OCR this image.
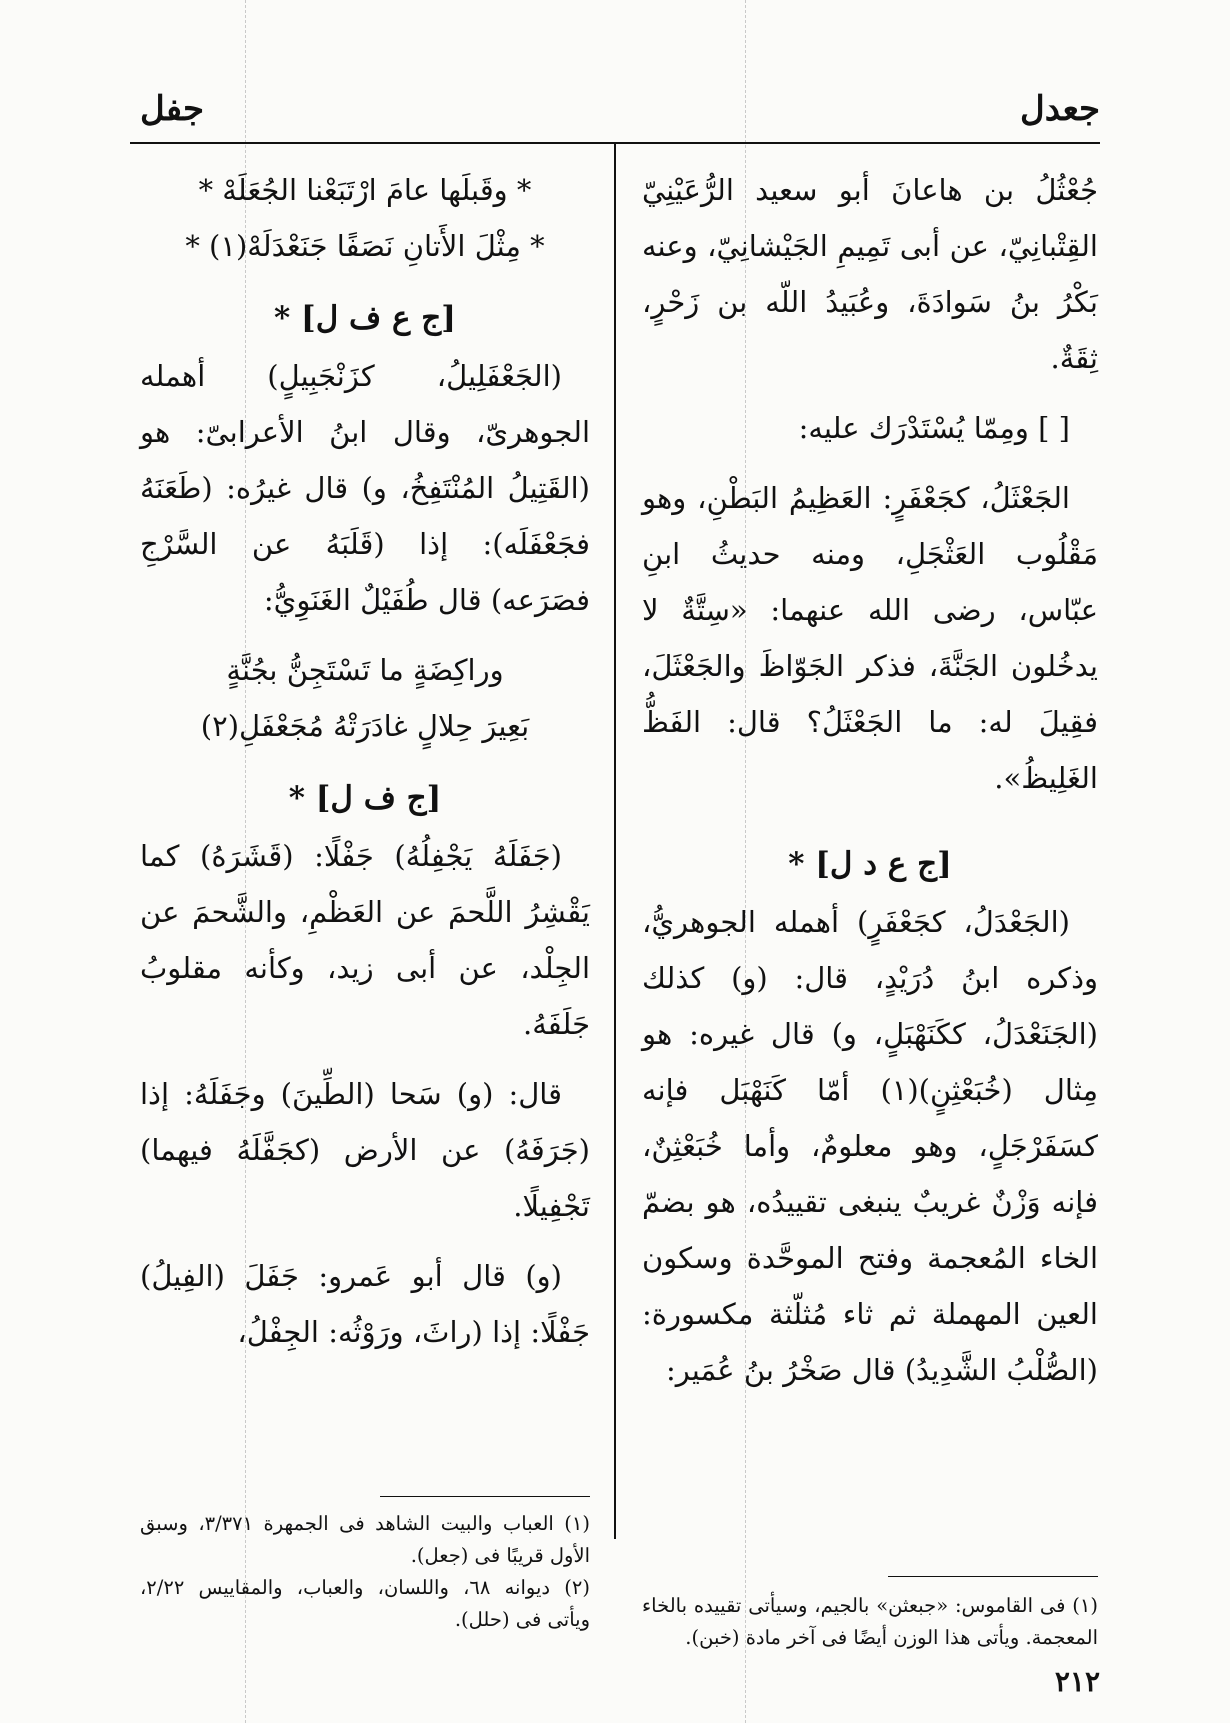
جعدل
جفل

جُعْثُلُ بن هاعانَ أبو سعيد الرُّعَيْنِيّ القِتْبانِيّ، عن أبى تَمِيمِ الجَيْشانِيّ، وعنه بَكْرُ بنُ سَوادَةَ، وعُبَيدُ اللّه بن زَحْرٍ، ثِقَةٌ.

[ ] ومِمّا يُسْتَدْرَك عليه:

الجَعْثَلُ، كجَعْفَرٍ: العَظِيمُ البَطْنِ، وهو مَقْلُوب العَثْجَلِ، ومنه حديثُ ابنِ عبّاس، رضى الله عنهما: «سِتَّةٌ لا يدخُلون الجَنَّةَ، فذكر الجَوّاظَ والجَعْثَلَ، فقِيلَ له: ما الجَعْثَلُ؟ قال: الفَظُّ الغَلِيظُ».

[ج ع د ل] *

(الجَعْدَلُ، كجَعْفَرٍ) أهمله الجوهريُّ، وذكره ابنُ دُرَيْدٍ، قال: (و) كذلك (الجَنَعْدَلُ، ككَنَهْبَلٍ، و) قال غيره: هو مِثال (خُبَعْثِنٍ)(١) أمّا كَنَهْبَل فإنه كسَفَرْجَلٍ، وهو معلومٌ، وأما خُبَعْثِنٌ، فإنه وَزْنٌ غريبٌ ينبغى تقييدُه، هو بضمّ الخاء المُعجمة وفتح الموحَّدة وسكون العين المهملة ثم ثاء مُثلّثة مكسورة: (الصُّلْبُ الشَّدِيدُ) قال صَخْرُ بنُ عُمَير:

* وقَبلَها عامَ ارْتَبَعْنا الجُعَلَهْ *

* مِثْلَ الأَتانِ نَصَفًا جَنَعْدَلَهْ(١) *

[ج ع ف ل] *

(الجَعْفَلِيلُ، كزَنْجَبِيلٍ) أهمله الجوهرىّ، وقال ابنُ الأعرابىّ: هو (القَتِيلُ المُنْتَفِخُ، و) قال غيرُه: (طَعَنَهُ فجَعْفَلَه): إذا (قَلَبَهُ عن السَّرْجِ فصَرَعه) قال طُفَيْلٌ الغَنَوِيُّ:

وراكِضَةٍ ما تَسْتَجِنُّ بجُنَّةٍ

بَعِيرَ حِلالٍ غادَرَتْهُ مُجَعْفَلِ(٢)

[ج ف ل] *

(جَفَلَهُ يَجْفِلُهُ) جَفْلًا: (قَشَرَهُ) كما يَقْشِرُ اللَّحمَ عن العَظْمِ، والشَّحمَ عن الجِلْد، عن أبى زيد، وكأنه مقلوبُ جَلَفَهُ.

قال: (و) سَحا (الطِّينَ) وجَفَلَهُ: إذا (جَرَفَهُ) عن الأرض (كجَفَّلَهُ فيهما) تَجْفِيلًا.

(و) قال أبو عَمرو: جَفَلَ (الفِيلُ) جَفْلًا: إذا (راثَ، ورَوْثُه: الجِفْلُ،

(١) فى القاموس: «جبعثن» بالجيم، وسيأتى تقييده بالخاء المعجمة. ويأتى هذا الوزن أيضًا فى آخر مادة (خبن).

(١) العباب والبيت الشاهد فى الجمهرة ٣/٣٧١، وسبق الأول قريبًا فى (جعل).

(٢) ديوانه ٦٨، واللسان، والعباب، والمقاييس ٢/٢٢، ويأتى فى (حلل).

٢١٢
